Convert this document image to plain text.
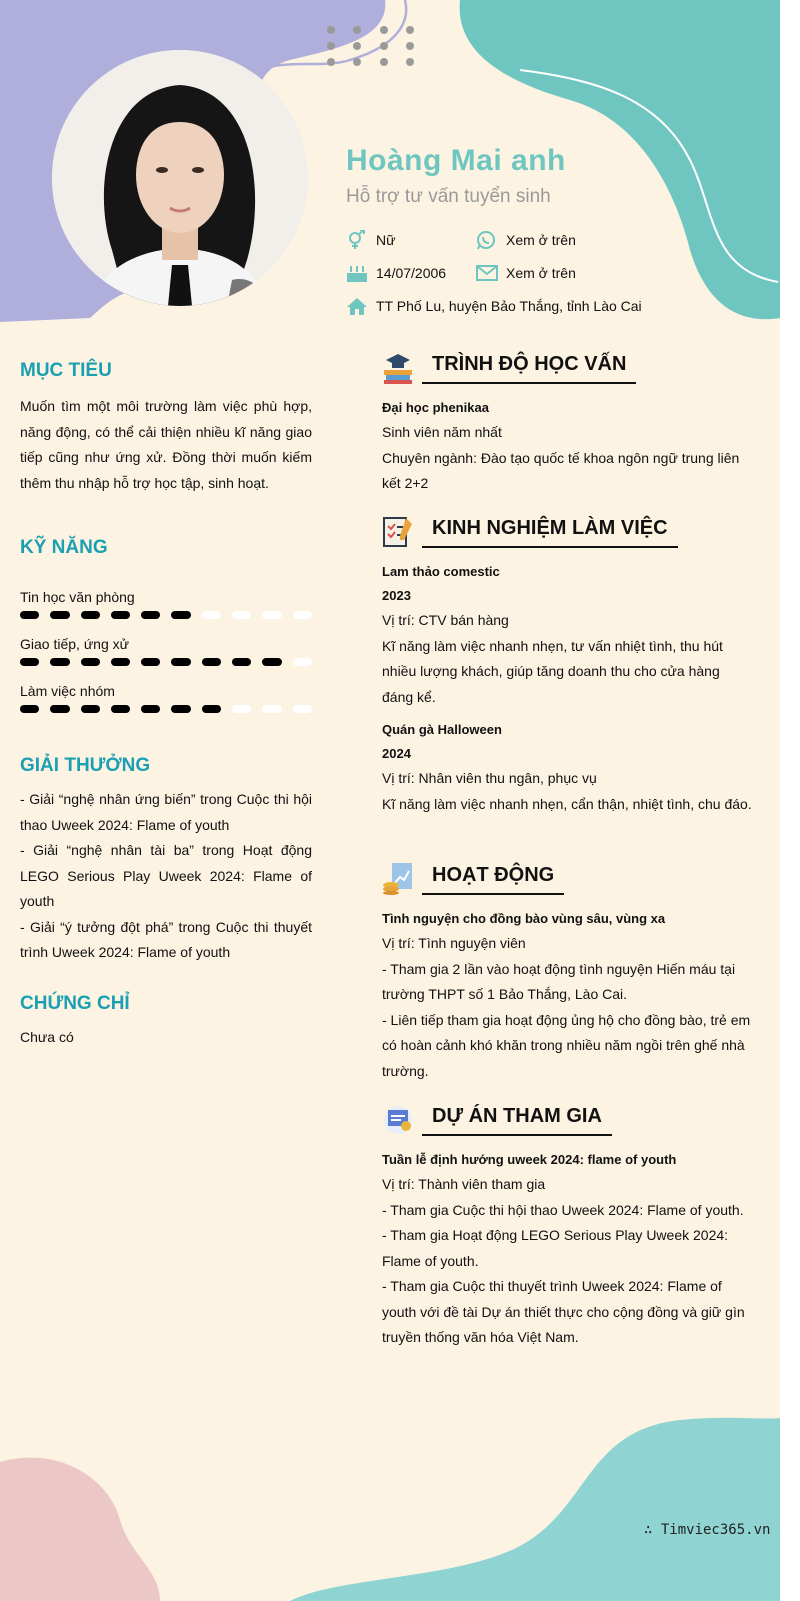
Hoàng Mai anh
Hỗ trợ tư vấn tuyển sinh
Nữ	Xem ở trên
14/07/2006	Xem ở trên
TT Phố Lu, huyện Bảo Thắng, tỉnh Lào Cai
MỤC TIÊU

Muốn tìm một môi trường làm việc phù hợp, năng động, có thể cải thiện nhiều kĩ năng giao tiếp cũng như ứng xử. Đồng thời muốn kiếm thêm thu nhập hỗ trợ học tập, sinh hoạt.

KỸ NĂNG

Tin học văn phòng

Giao tiếp, ứng xử

Làm việc nhóm

GIẢI THƯỞNG

- Giải “nghệ nhân ứng biến” trong Cuộc thi hội thao Uweek 2024: Flame of youth

- Giải “nghệ nhân tài ba” trong Hoạt động LEGO Serious Play Uweek 2024: Flame of youth

- Giải “ý tưởng đột phá” trong Cuộc thi thuyết trình Uweek 2024: Flame of youth

CHỨNG CHỈ

Chưa có

TRÌNH ĐỘ HỌC VẤN

Đại học phenikaa

Sinh viên năm nhất

Chuyên ngành: Đào tạo quốc tế khoa ngôn ngữ trung liên kết 2+2

KINH NGHIỆM LÀM VIỆC

Lam thảo comestic

2023

Vị trí: CTV bán hàng

Kĩ năng làm việc nhanh nhẹn, tư vấn nhiệt tình, thu hút nhiều lượng khách, giúp tăng doanh thu cho cửa hàng đáng kể.

Quán gà Halloween

2024

Vị trí: Nhân viên thu ngân, phục vụ

Kĩ năng làm việc nhanh nhẹn, cẩn thận, nhiệt tình, chu đáo.

HOẠT ĐỘNG

Tình nguyện cho đồng bào vùng sâu, vùng xa

Vị trí: Tình nguyện viên

- Tham gia 2 lần vào hoạt động tình nguyện Hiến máu tại trường THPT số 1 Bảo Thắng, Lào Cai.

- Liên tiếp tham gia hoạt động ủng hộ cho đồng bào, trẻ em có hoàn cảnh khó khăn trong nhiều năm ngồi trên ghế nhà trường.

DỰ ÁN THAM GIA

Tuần lễ định hướng uweek 2024: flame of youth

Vị trí: Thành viên tham gia

- Tham gia Cuộc thi hội thao Uweek 2024: Flame of youth.

- Tham gia Hoạt động LEGO Serious Play Uweek 2024: Flame of youth.

- Tham gia Cuộc thi thuyết trình Uweek 2024: Flame of youth với đề tài Dự án thiết thực cho cộng đồng và giữ gìn truyền thống văn hóa Việt Nam.

∴ Timviec365.vn
